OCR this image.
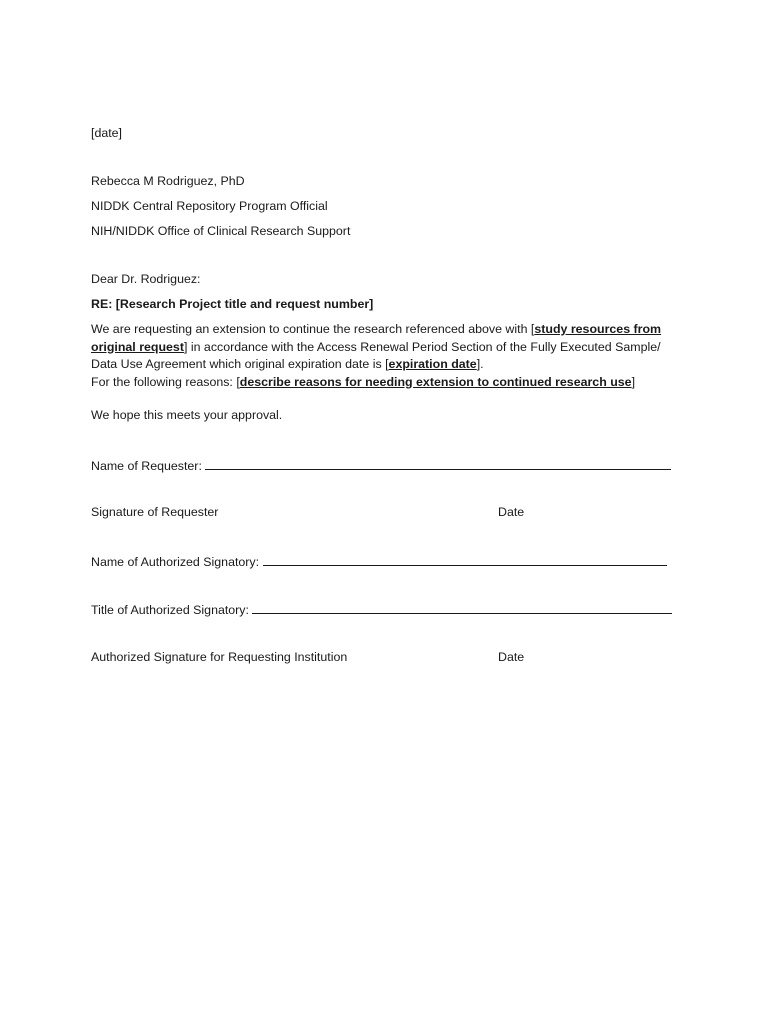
[date]
Rebecca M Rodriguez, PhD
NIDDK Central Repository Program Official
NIH/NIDDK Office of Clinical Research Support
Dear Dr. Rodriguez:
RE: [Research Project title and request number]
We are requesting an extension to continue the research referenced above with [study resources from
original request] in accordance with the Access Renewal Period Section of the Fully Executed Sample/
Data Use Agreement which original expiration date is [expiration date].
For the following reasons: [describe reasons for needing extension to continued research use]
We hope this meets your approval.
Name of Requester:
Signature of Requester	Date
Name of Authorized Signatory:
Title of Authorized Signatory:
Authorized Signature for Requesting Institution	Date
